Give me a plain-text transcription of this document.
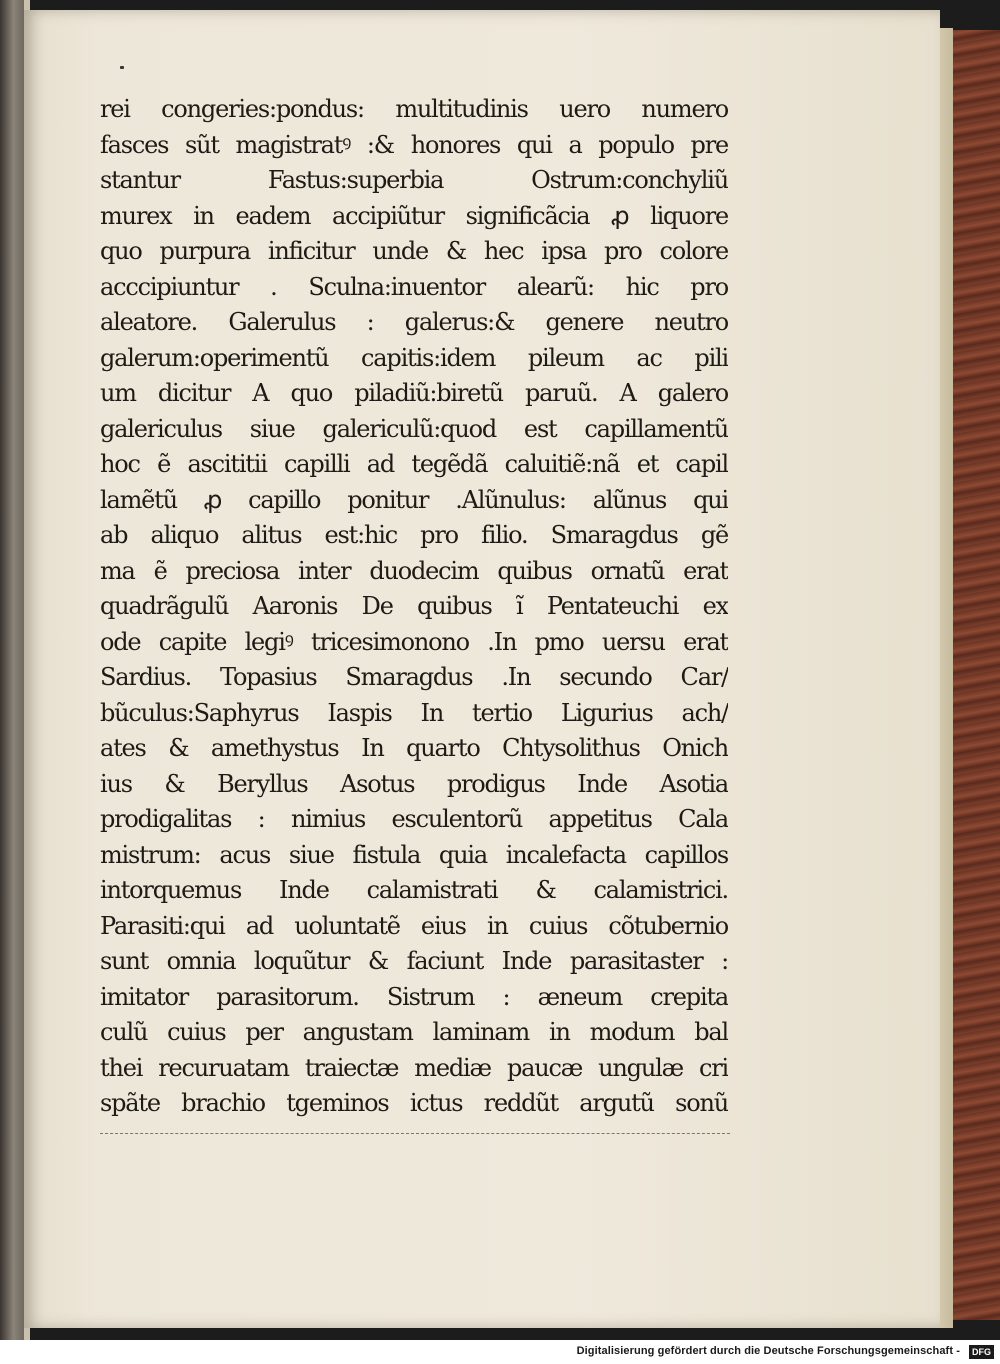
rei congeries:pondus: multitudinis uero numero
fasces sũt magistratꝰ :& honores qui a populo pre
stantur Fastus:superbia Ostrum:conchyliũ
murex in eadem accipiũtur significãcia ꝓ liquore
quo purpura inficitur unde & hec ipsa pro colore
acccipiuntur . Sculna:inuentor alearũ: hic pro
aleatore. Galerulus : galerus:& genere neutro
galerum:operimentũ capitis:idem pileum ac pili
um dicitur A quo piladiũ:biretũ paruũ. A galero
galericulus siue galericulũ:quod est capillamentũ
hoc ẽ ascititii capilli ad tegẽdã caluitiẽ:nã et capil
lamẽtũ ꝓ capillo ponitur .Alũnulus: alũnus qui
ab aliquo alitus est:hic pro filio. Smaragdus gẽ
ma ẽ preciosa inter duodecim quibus ornatũ erat
quadrãgulũ Aaronis De quibus ĩ Pentateuchi ex
ode capite legiꝰ tricesimonono .In pmo uersu erat
Sardius. Topasius Smaragdus .In secundo Car/
bũculus:Saphyrus Iaspis In tertio Ligurius ach/
ates & amethystus In quarto Chtysolithus Onich
ius & Beryllus Asotus prodigus Inde Asotia
prodigalitas : nimius esculentorũ appetitus Cala
mistrum: acus siue fistula quia incalefacta capillos
intorquemus Inde calamistrati & calamistrici.
Parasiti:qui ad uoluntatẽ eius in cuius cõtubernio
sunt omnia loquũtur & faciunt Inde parasitaster :
imitator parasitorum. Sistrum : æneum crepita
culũ cuius per angustam laminam in modum bal
thei recuruatam traiectæ mediæ paucæ ungulæ cri
spãte brachio tgeminos ictus reddũt argutũ sonũ
Digitalisierung gefördert durch die Deutsche Forschungsgemeinschaft -	DFG
